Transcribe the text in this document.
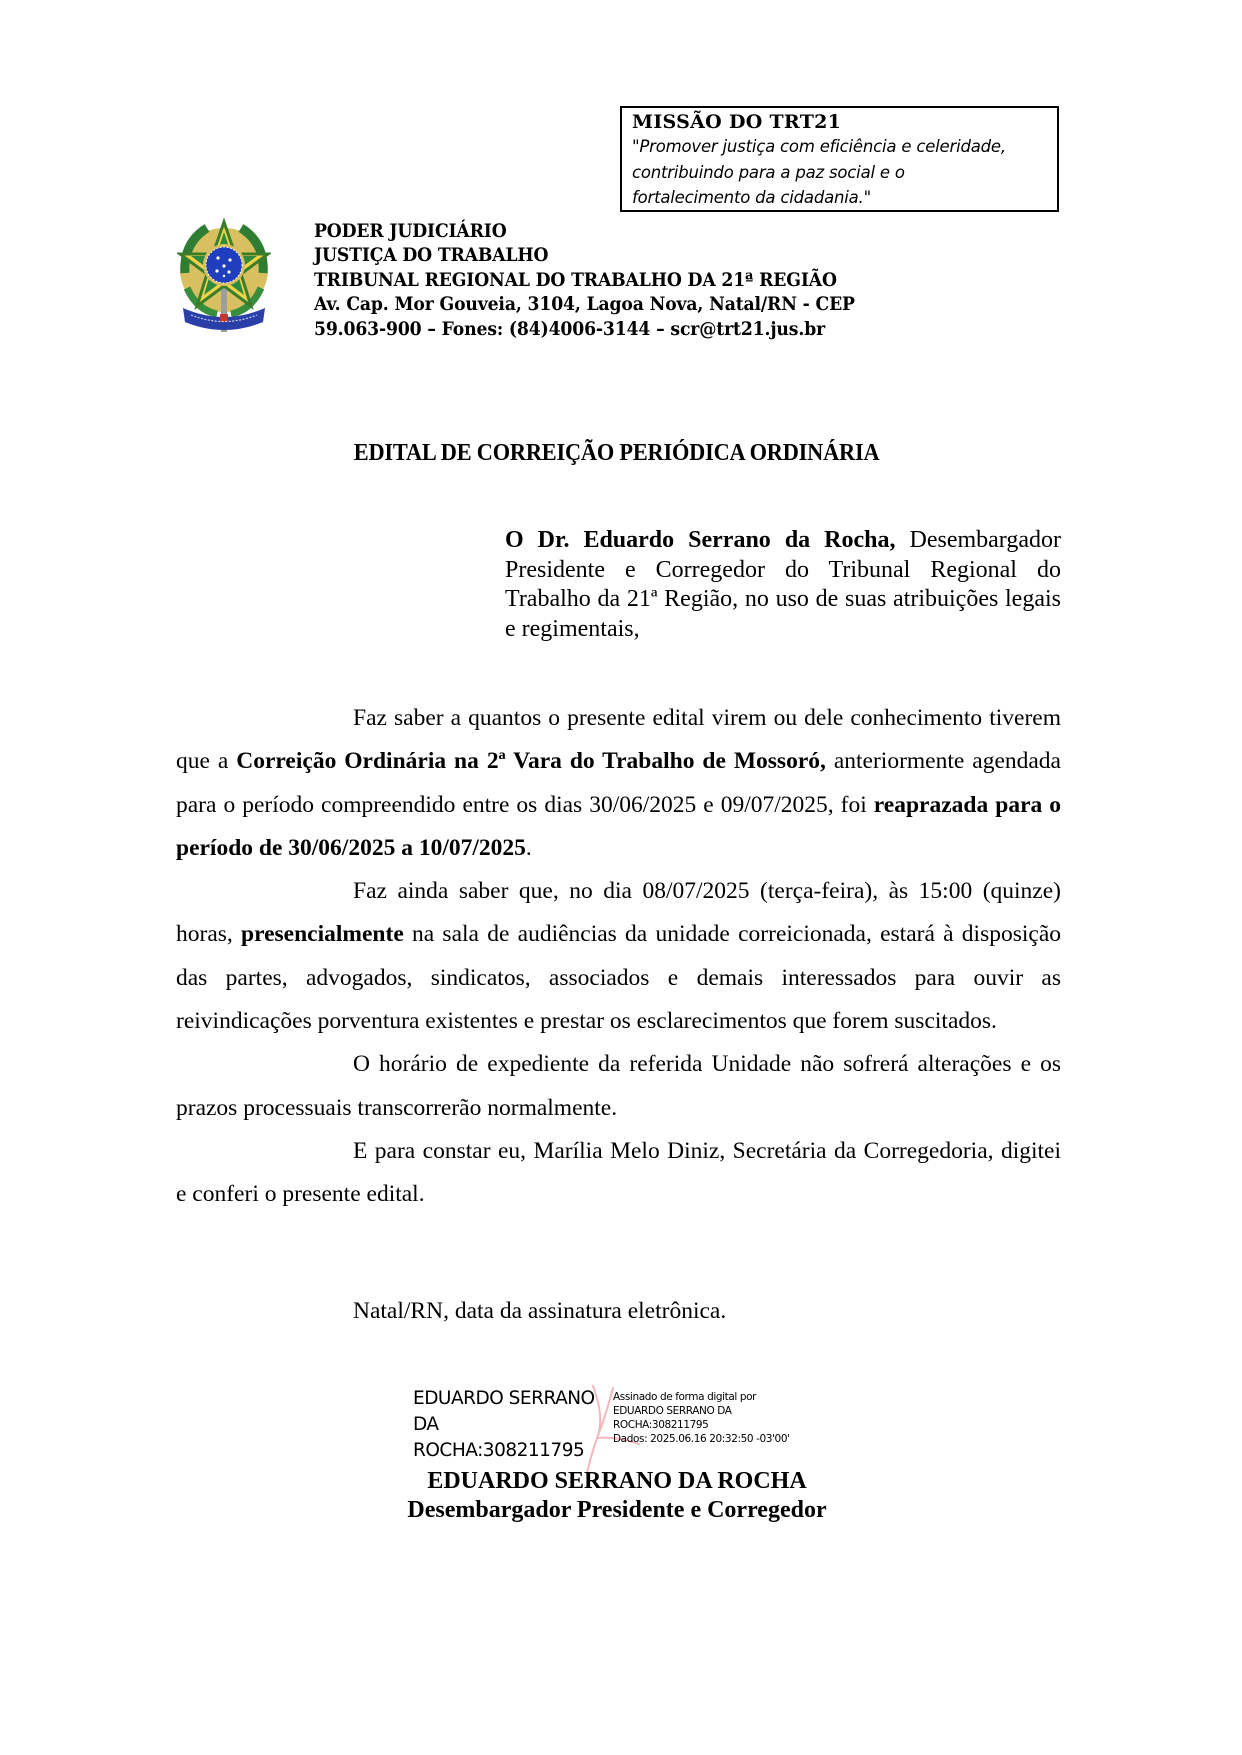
MISSÃO DO TRT21
"Promover justiça com eficiência e celeridade,
contribuindo para a paz social e o
fortalecimento da cidadania."
PODER JUDICIÁRIO
JUSTIÇA DO TRABALHO
TRIBUNAL REGIONAL DO TRABALHO DA 21ª REGIÃO
Av. Cap. Mor Gouveia, 3104, Lagoa Nova, Natal/RN - CEP
59.063-900 – Fones: (84)4006-3144 – scr@trt21.jus.br
EDITAL DE CORREIÇÃO PERIÓDICA ORDINÁRIA
O Dr. Eduardo Serrano da Rocha, Desembargador Presidente e Corregedor do Tribunal Regional do Trabalho da 21ª Região, no uso de suas atribuições legais e regimentais,

Faz saber a quantos o presente edital virem ou dele conhecimento tiverem que a Correição Ordinária na 2ª Vara do Trabalho de Mossoró, anteriormente agendada para o período compreendido entre os dias 30/06/2025 e 09/07/2025, foi reaprazada para o período de 30/06/2025 a 10/07/2025.

Faz ainda saber que, no dia 08/07/2025 (terça-feira), às 15:00 (quinze) horas, presencialmente na sala de audiências da unidade correicionada, estará à disposição das partes, advogados, sindicatos, associados e demais interessados para ouvir as reivindicações porventura existentes e prestar os esclarecimentos que forem suscitados.

O horário de expediente da referida Unidade não sofrerá alterações e os prazos processuais transcorrerão normalmente.

E para constar eu, Marília Melo Diniz, Secretária da Corregedoria, digitei e conferi o presente edital.

Natal/RN, data da assinatura eletrônica.
EDUARDO SERRANO
DA
ROCHA:308211795
Assinado de forma digital por
EDUARDO SERRANO DA
ROCHA:308211795
Dados: 2025.06.16 20:32:50 -03'00'
EDUARDO SERRANO DA ROCHA
Desembargador Presidente e Corregedor
